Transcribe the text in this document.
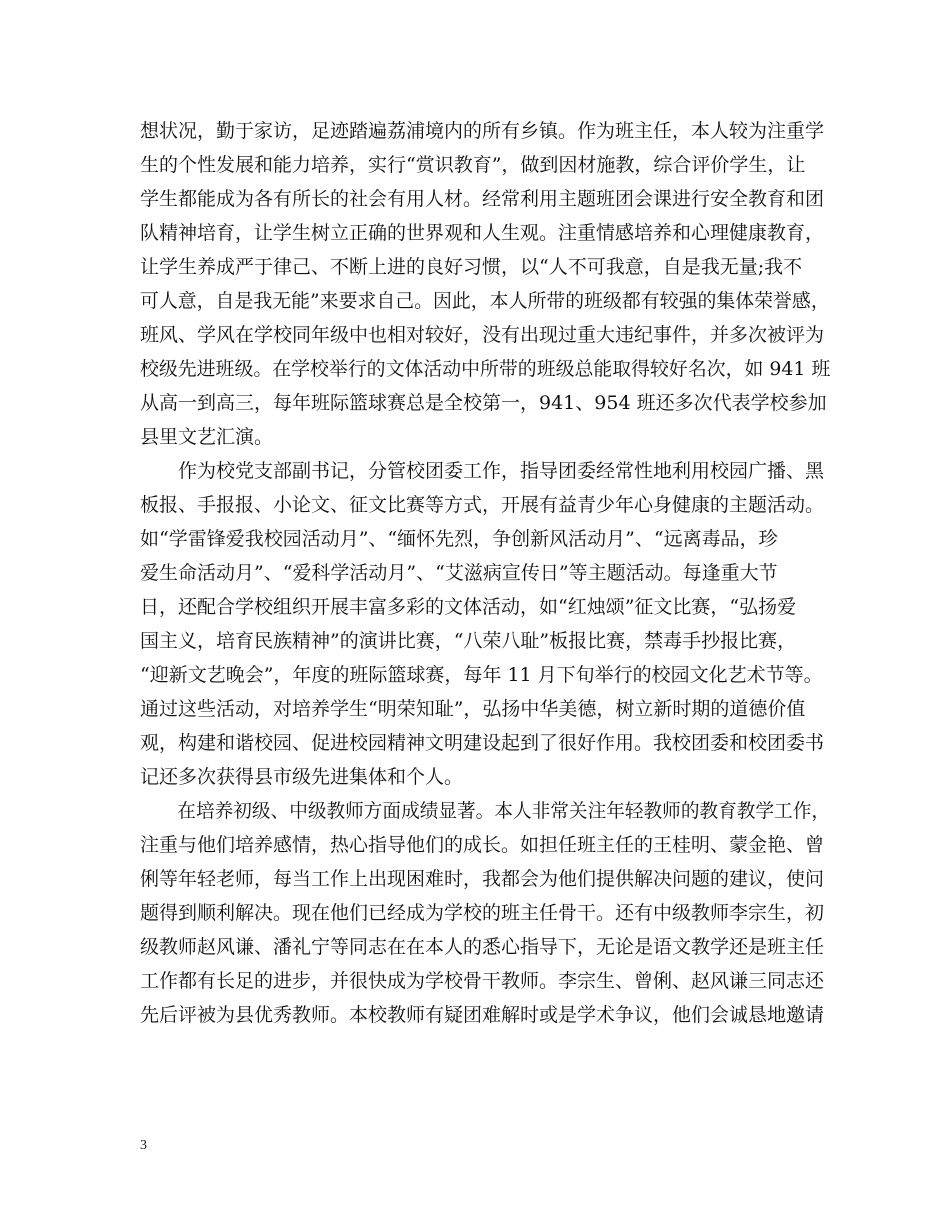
想状况，勤于家访，足迹踏遍荔浦境内的所有乡镇。作为班主任，本人较为注重学
生的个性发展和能力培养，实行“赏识教育”，做到因材施教，综合评价学生，让
学生都能成为各有所长的社会有用人材。经常利用主题班团会课进行安全教育和团
队精神培育，让学生树立正确的世界观和人生观。注重情感培养和心理健康教育，
让学生养成严于律己、不断上进的良好习惯，以“人不可我意，自是我无量;我不
可人意，自是我无能”来要求自己。因此，本人所带的班级都有较强的集体荣誉感，
班风、学风在学校同年级中也相对较好，没有出现过重大违纪事件，并多次被评为
校级先进班级。在学校举行的文体活动中所带的班级总能取得较好名次，如 941 班
从高一到高三，每年班际篮球赛总是全校第一，941、954 班还多次代表学校参加
县里文艺汇演。
　　作为校党支部副书记，分管校团委工作，指导团委经常性地利用校园广播、黑
板报、手报报、小论文、征文比赛等方式，开展有益青少年心身健康的主题活动。
如“学雷锋爱我校园活动月”、“缅怀先烈，争创新风活动月”、“远离毒品，珍
爱生命活动月”、“爱科学活动月”、“艾滋病宣传日”等主题活动。每逢重大节
日，还配合学校组织开展丰富多彩的文体活动，如“红烛颂”征文比赛，“弘扬爱
国主义，培育民族精神”的演讲比赛，“八荣八耻”板报比赛，禁毒手抄报比赛，
“迎新文艺晚会”，年度的班际篮球赛，每年 11 月下旬举行的校园文化艺术节等。
通过这些活动，对培养学生“明荣知耻”，弘扬中华美德，树立新时期的道德价值
观，构建和谐校园、促进校园精神文明建设起到了很好作用。我校团委和校团委书
记还多次获得县市级先进集体和个人。
　　在培养初级、中级教师方面成绩显著。本人非常关注年轻教师的教育教学工作，
注重与他们培养感情，热心指导他们的成长。如担任班主任的王桂明、蒙金艳、曾
俐等年轻老师，每当工作上出现困难时，我都会为他们提供解决问题的建议，使问
题得到顺利解决。现在他们已经成为学校的班主任骨干。还有中级教师李宗生，初
级教师赵风谦、潘礼宁等同志在在本人的悉心指导下，无论是语文教学还是班主任
工作都有长足的进步，并很快成为学校骨干教师。李宗生、曾俐、赵风谦三同志还
先后评被为县优秀教师。本校教师有疑团难解时或是学术争议，他们会诚恳地邀请
3
